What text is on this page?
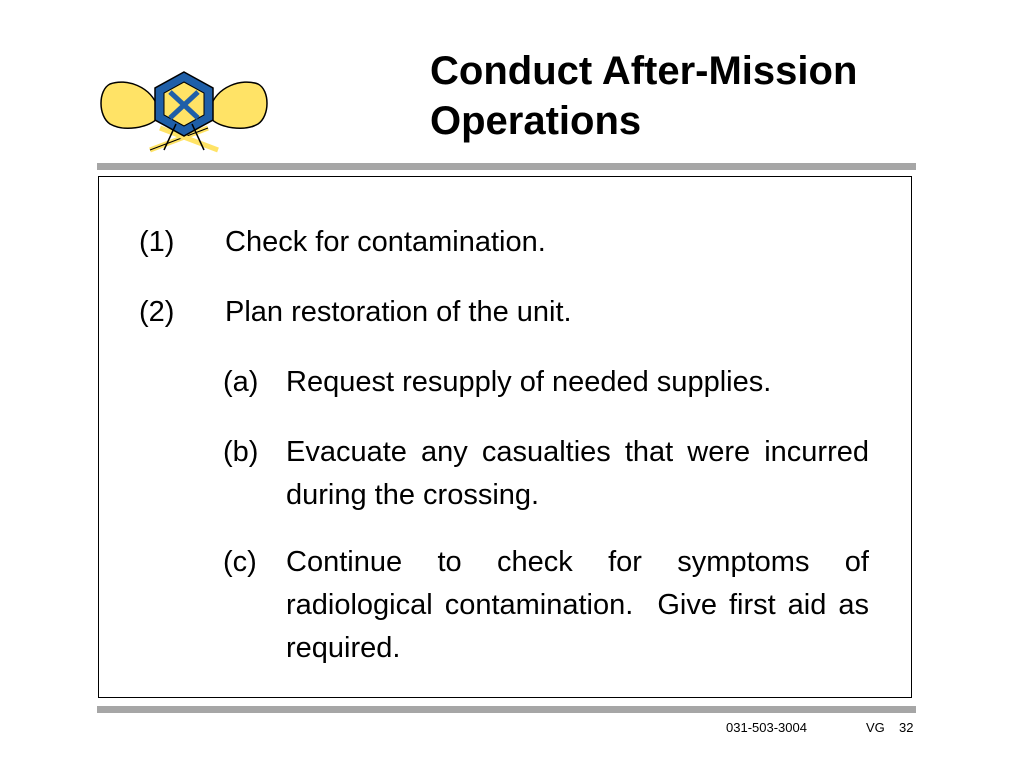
Conduct After-Mission
Operations
(1) Check for contamination.
(2) Plan restoration of the unit.
(a) Request resupply of needed supplies.
(b) Evacuate any casualties that were incurred during the crossing.
(c) Continue to check for symptoms of radiological contamination.  Give first aid as required.
031-503-3004	VG 32
